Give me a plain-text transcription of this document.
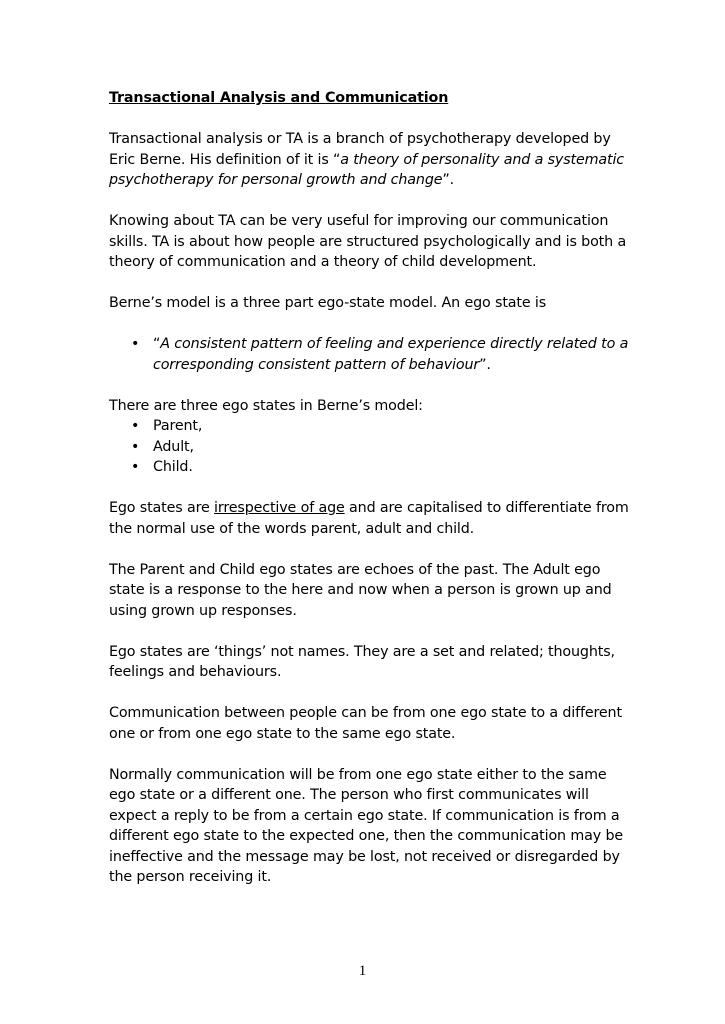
Transactional Analysis and Communication

Transactional analysis or TA is a branch of psychotherapy developed by Eric Berne. His definition of it is “a theory of personality and a systematic psychotherapy for personal growth and change”.

Knowing about TA can be very useful for improving our communication skills. TA is about how people are structured psychologically and is both a theory of communication and a theory of child development.

Berne’s model is a three part ego-state model. An ego state is

• “A consistent pattern of feeling and experience directly related to a corresponding consistent pattern of behaviour”.

There are three ego states in Berne’s model:

• Parent,
• Adult,
• Child.

Ego states are irrespective of age and are capitalised to differentiate from the normal use of the words parent, adult and child.

The Parent and Child ego states are echoes of the past. The Adult ego state is a response to the here and now when a person is grown up and using grown up responses.

Ego states are ‘things’ not names. They are a set and related; thoughts, feelings and behaviours.

Communication between people can be from one ego state to a different one or from one ego state to the same ego state.

Normally communication will be from one ego state either to the same ego state or a different one. The person who first communicates will expect a reply to be from a certain ego state. If communication is from a different ego state to the expected one, then the communication may be ineffective and the message may be lost, not received or disregarded by the person receiving it.

1
